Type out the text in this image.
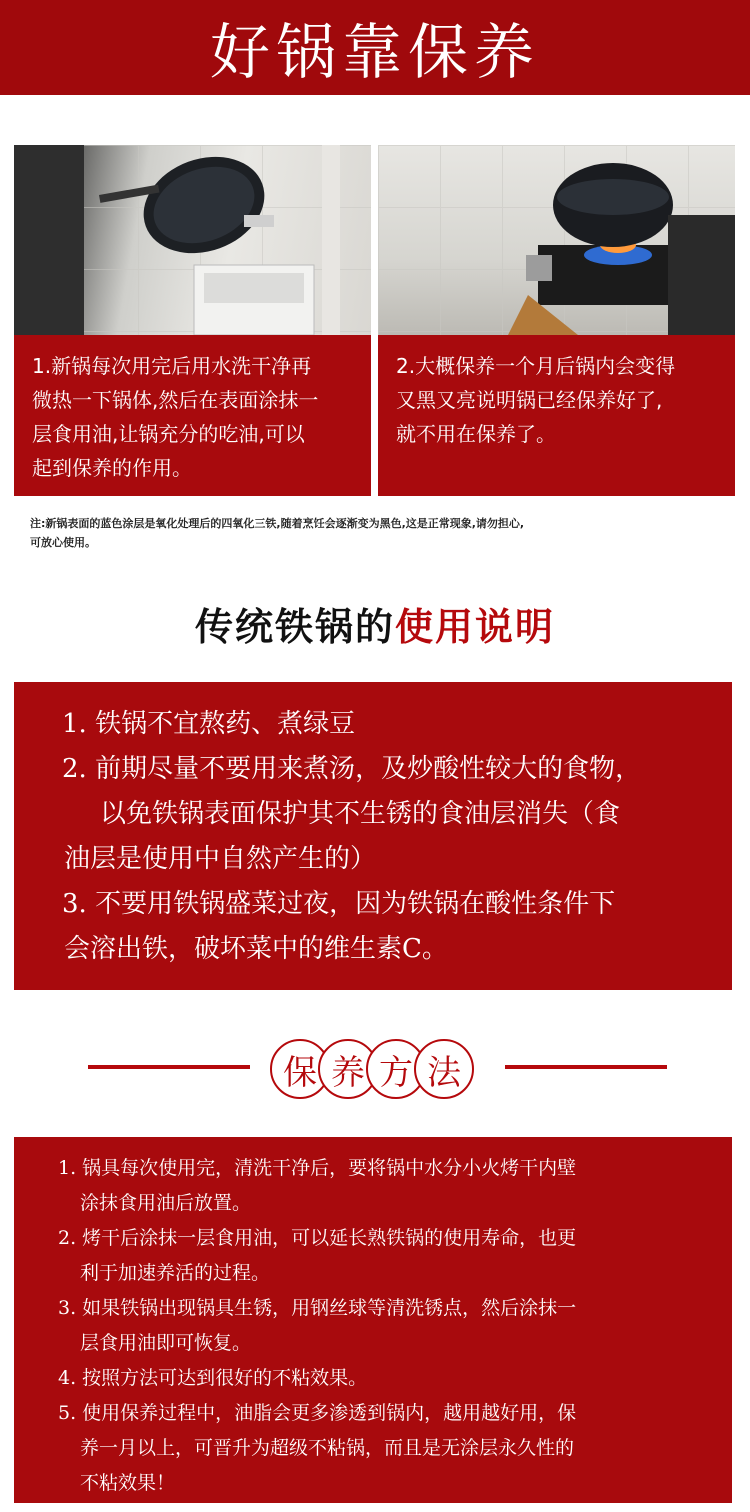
好锅靠保养
1.新锅每次用完后用水洗干净再
微热一下锅体,然后在表面涂抹一
层食用油,让锅充分的吃油,可以
起到保养的作用。
2.大概保养一个月后锅内会变得
又黑又亮说明锅已经保养好了,
就不用在保养了。
注:新锅表面的蓝色涂层是氧化处理后的四氧化三铁,随着烹饪会逐渐变为黑色,这是正常现象,请勿担心,
可放心使用。
传统铁锅的使用说明
1. 铁锅不宜熬药、煮绿豆
2. 前期尽量不要用来煮汤，及炒酸性较大的食物，
以免铁锅表面保护其不生锈的食油层消失（食
油层是使用中自然产生的）
3. 不要用铁锅盛菜过夜，因为铁锅在酸性条件下
会溶出铁，破坏菜中的维生素C。
保 养 方 法
1. 锅具每次使用完，清洗干净后，要将锅中水分小火烤干内壁
涂抹食用油后放置。
2. 烤干后涂抹一层食用油，可以延长熟铁锅的使用寿命，也更
利于加速养活的过程。
3. 如果铁锅出现锅具生锈，用钢丝球等清洗锈点，然后涂抹一
层食用油即可恢复。
4. 按照方法可达到很好的不粘效果。
5. 使用保养过程中，油脂会更多渗透到锅内，越用越好用，保
养一月以上，可晋升为超级不粘锅，而且是无涂层永久性的
不粘效果！
